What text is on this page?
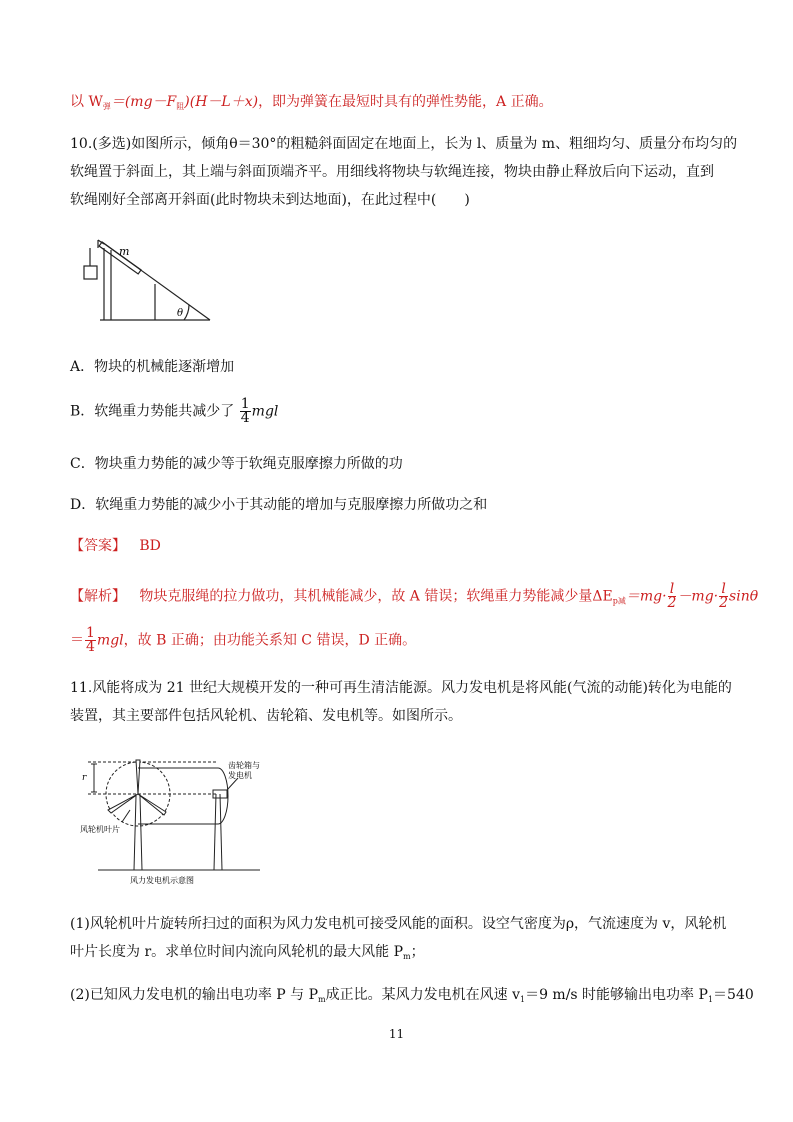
以 $W_弹=(mg-F_阻)(H-L+x)$，即为弹簧在最短时具有的弹性势能，A 正确。
10.(多选)如图所示，倾角θ＝30°的粗糙斜面固定在地面上，长为 l、质量为 m、粗细均匀、质量分布均匀的
软绳置于斜面上，其上端与斜面顶端齐平。用细线将物块与软绳连接，物块由静止释放后向下运动，直到
软绳刚好全部离开斜面(此时物块未到达地面)，在此过程中(　　)
m
θ
A．物块的机械能逐渐增加
B．软绳重力势能共减少了 $\frac{1}{4}$ mgl
C．物块重力势能的减少等于软绳克服摩擦力所做的功
D．软绳重力势能的减少小于其动能的增加与克服摩擦力所做功之和
【答案】 BD
【解析】 物块克服绳的拉力做功，其机械能减少，故 A 错误；软绳重力势能减少量$\Delta E_{p减}=mg\cdot \frac{l}{2} -mg\cdot \frac{l}{2}$ sinθ
＝ $\frac{1}{4}$ mgl，故 B 正确；由功能关系知 C 错误，D 正确。
11.风能将成为 21 世纪大规模开发的一种可再生清洁能源。风力发电机是将风能(气流的动能)转化为电能的
装置，其主要部件包括风轮机、齿轮箱、发电机等。如图所示。
r
齿轮箱与
发电机
风轮机叶片
风力发电机示意图
(1)风轮机叶片旋转所扫过的面积为风力发电机可接受风能的面积。设空气密度为ρ，气流速度为 v，风轮机
叶片长度为 r。求单位时间内流向风轮机的最大风能 $P_m$；
(2)已知风力发电机的输出电功率 P 与 $P_m$成正比。某风力发电机在风速 $v_1=9$ m/s 时能够输出电功率 $P_1=540$
11
